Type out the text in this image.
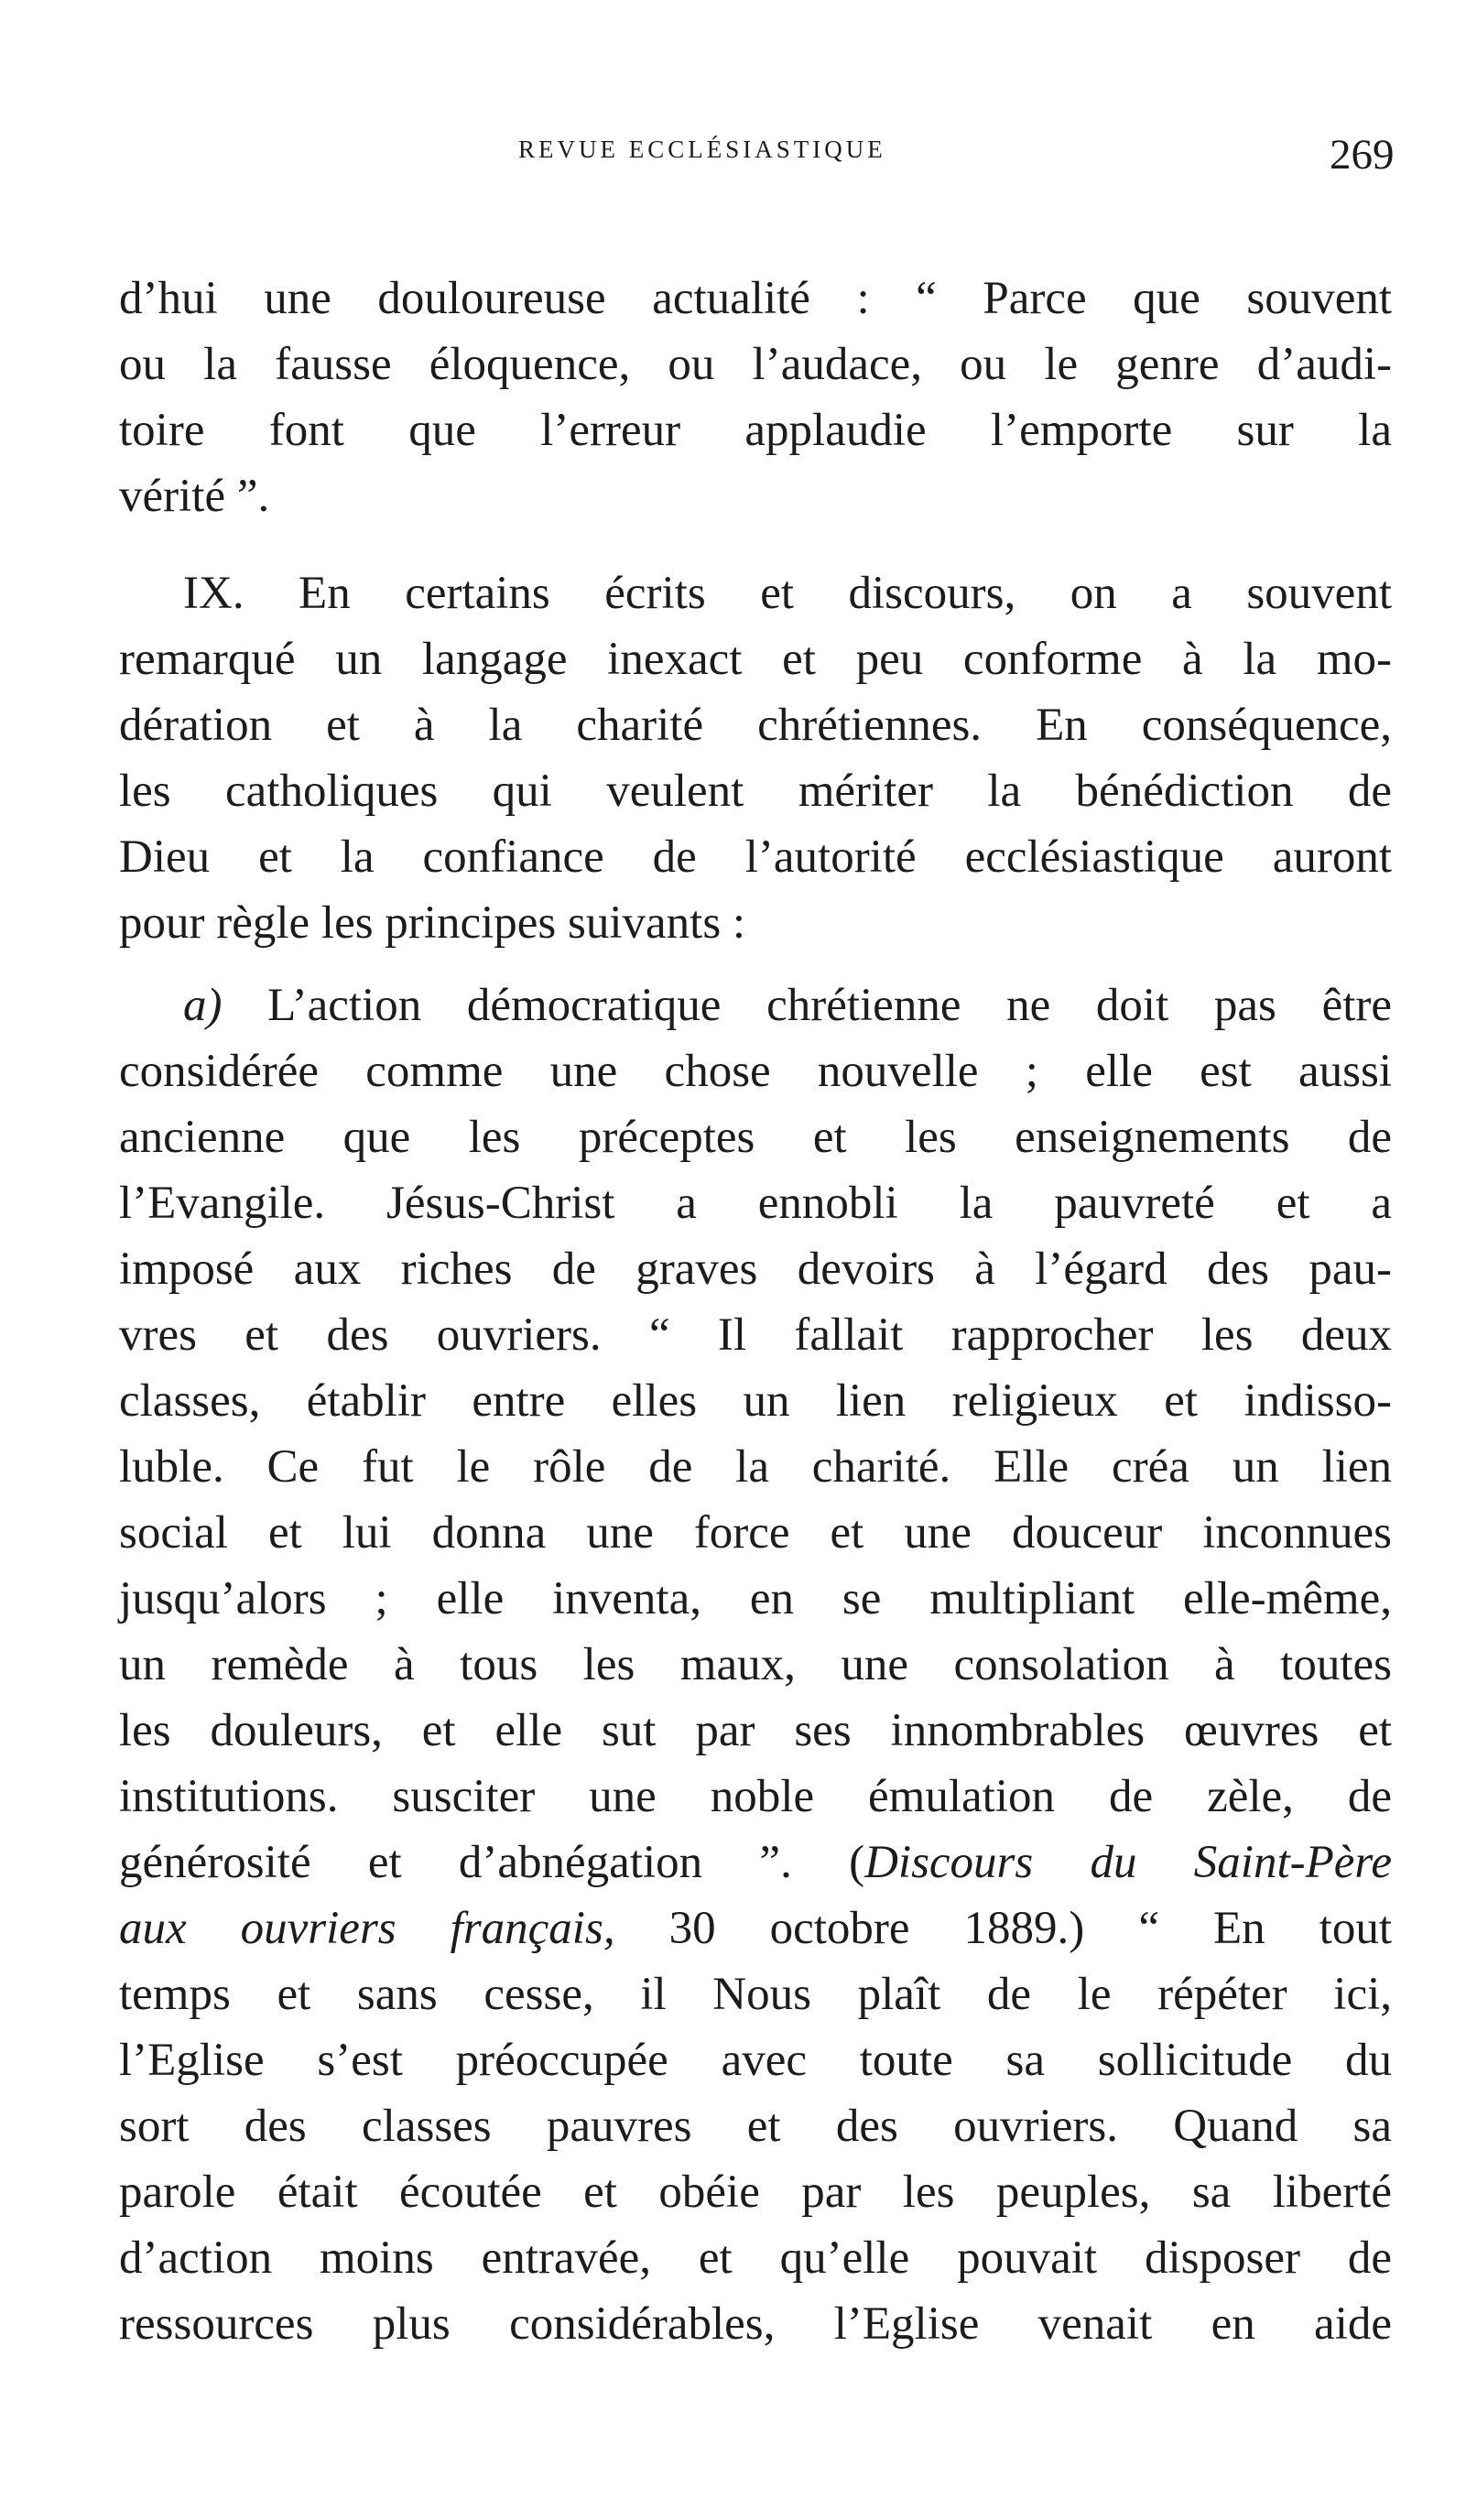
REVUE ECCLÉSIASTIQUE	269
d’hui une douloureuse actualité : “ Parce que souvent
ou la fausse éloquence, ou l’audace, ou le genre d’audi-
toire font que l’erreur applaudie l’emporte sur la
vérité ”.
IX. En certains écrits et discours, on a souvent
remarqué un langage inexact et peu conforme à la mo-
dération et à la charité chrétiennes. En conséquence,
les catholiques qui veulent mériter la bénédiction de
Dieu et la confiance de l’autorité ecclésiastique auront
pour règle les principes suivants :
a) L’action démocratique chrétienne ne doit pas être
considérée comme une chose nouvelle ; elle est aussi
ancienne que les préceptes et les enseignements de
l’Evangile. Jésus-Christ a ennobli la pauvreté et a
imposé aux riches de graves devoirs à l’égard des pau-
vres et des ouvriers. “ Il fallait rapprocher les deux
classes, établir entre elles un lien religieux et indisso-
luble. Ce fut le rôle de la charité. Elle créa un lien
social et lui donna une force et une douceur inconnues
jusqu’alors ; elle inventa, en se multipliant elle-même,
un remède à tous les maux, une consolation à toutes
les douleurs, et elle sut par ses innombrables œuvres et
institutions. susciter une noble émulation de zèle, de
générosité et d’abnégation ”. (Discours du Saint-Père
aux ouvriers français, 30 octobre 1889.) “ En tout
temps et sans cesse, il Nous plaît de le répéter ici,
l’Eglise s’est préoccupée avec toute sa sollicitude du
sort des classes pauvres et des ouvriers. Quand sa
parole était écoutée et obéie par les peuples, sa liberté
d’action moins entravée, et qu’elle pouvait disposer de
ressources plus considérables, l’Eglise venait en aide
